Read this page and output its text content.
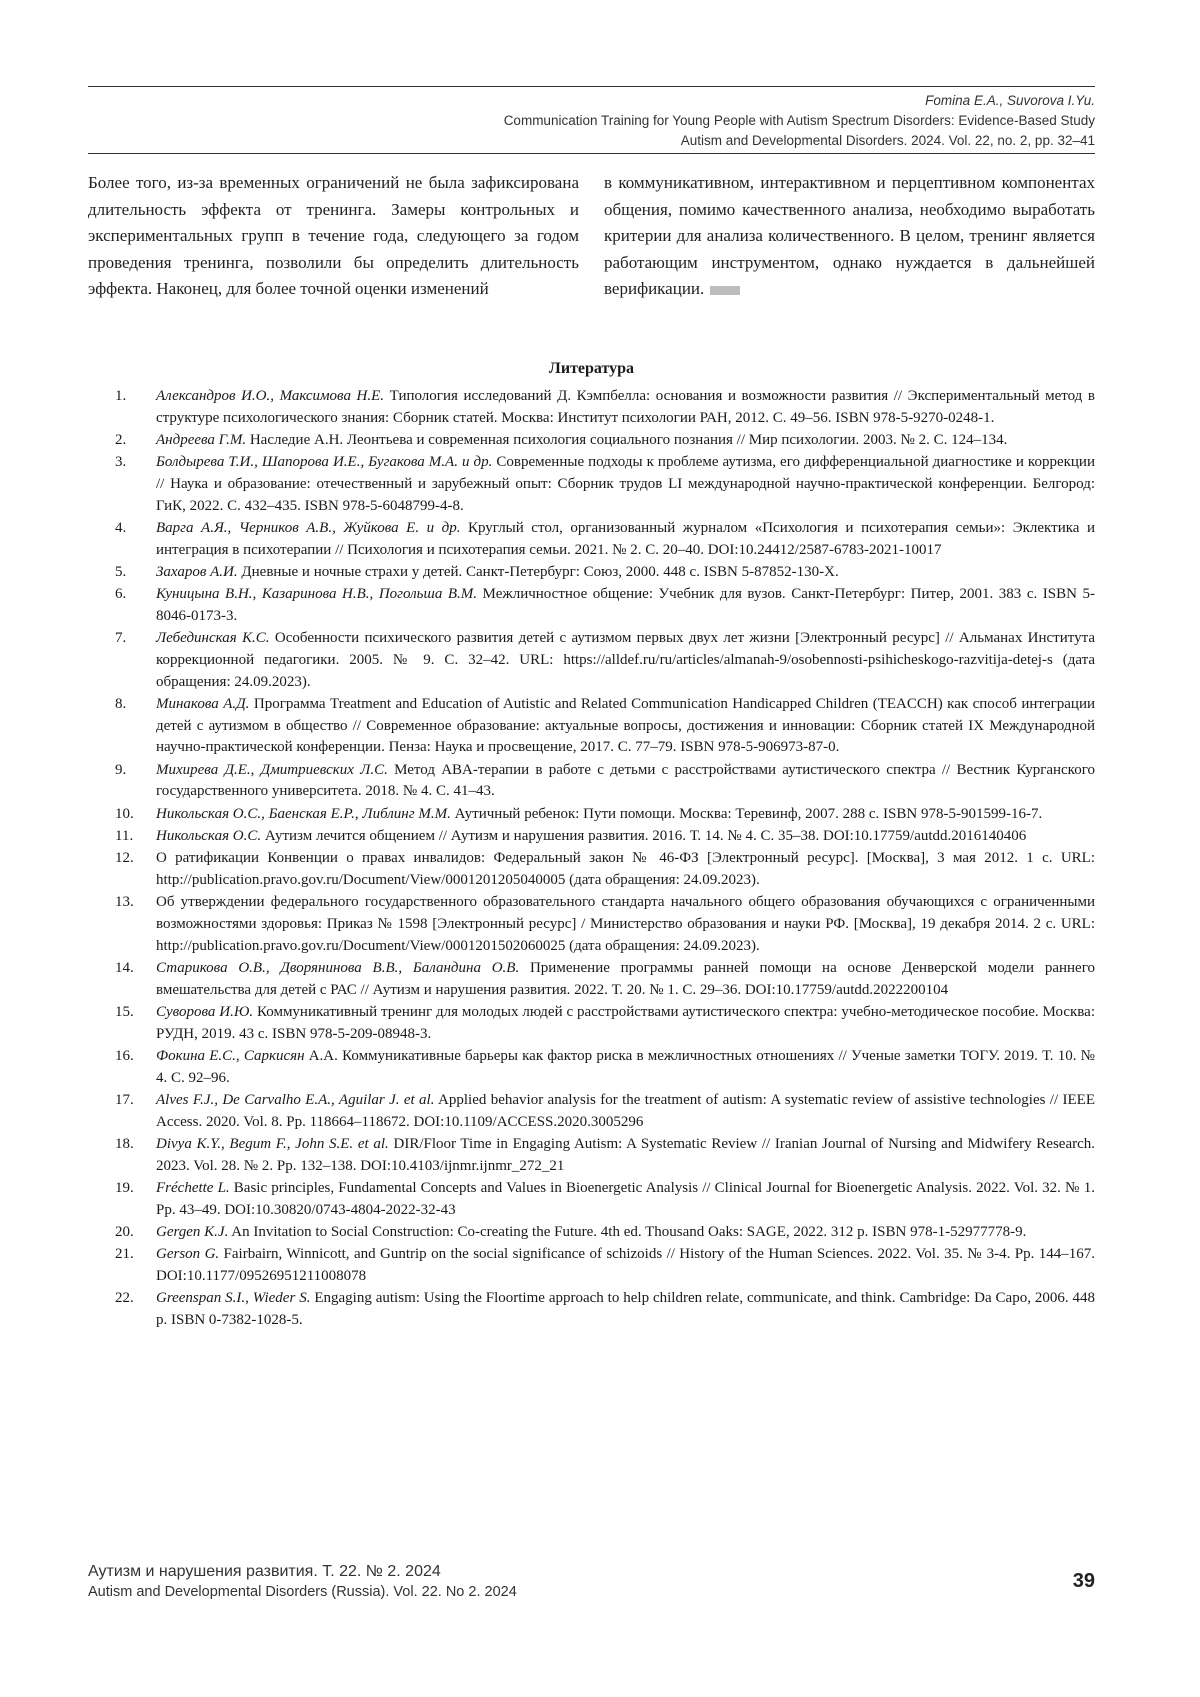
Fomina E.A., Suvorova I.Yu.
Communication Training for Young People with Autism Spectrum Disorders: Evidence-Based Study
Autism and Developmental Disorders. 2024. Vol. 22, no. 2, pp. 32–41

Более того, из-за временных ограничений не была зафиксирована длительность эффекта от тренинга. Замеры контрольных и экспериментальных групп в течение года, следующего за годом проведения тренинга, позволили бы определить длительность эффекта. Наконец, для более точной оценки изменений

в коммуникативном, интерактивном и перцептивном компонентах общения, помимо качественного анализа, необходимо выработать критерии для анализа количественного. В целом, тренинг является работающим инструментом, однако нуждается в дальнейшей верификации.

Литература
1.	Александров И.О., Максимова Н.Е. Типология исследований Д. Кэмпбелла: основания и возможности развития // Экспериментальный метод в структуре психологического знания: Сборник статей. Москва: Институт психологии РАН, 2012. С. 49–56. ISBN 978-5-9270-0248-1.
2.	Андреева Г.М. Наследие А.Н. Леонтьева и современная психология социального познания // Мир психологии. 2003. № 2. С. 124–134.
3.	Болдырева Т.И., Шапорова И.Е., Бугакова М.А. и др. Современные подходы к проблеме аутизма, его дифференциальной диагностике и коррекции // Наука и образование: отечественный и зарубежный опыт: Сборник трудов LI международной научно-практической конференции. Белгород: ГиК, 2022. С. 432–435. ISBN 978-5-6048799-4-8.
4.	Варга А.Я., Черников А.В., Жуйкова Е. и др. Круглый стол, организованный журналом «Психология и психотерапия семьи»: Эклектика и интеграция в психотерапии // Психология и психотерапия семьи. 2021. № 2. С. 20–40. DOI:10.24412/2587-6783-2021-10017
5.	Захаров А.И. Дневные и ночные страхи у детей. Санкт-Петербург: Союз, 2000. 448 с. ISBN 5-87852-130-Х.
6.	Куницына В.Н., Казаринова Н.В., Погольша В.М. Межличностное общение: Учебник для вузов. Санкт-Петербург: Питер, 2001. 383 с. ISBN 5-8046-0173-3.
7.	Лебединская К.С. Особенности психического развития детей с аутизмом первых двух лет жизни [Электронный ресурс] // Альманах Института коррекционной педагогики. 2005. № 9. С. 32–42. URL: https://alldef.ru/ru/articles/almanah-9/osobennosti-psihicheskogo-razvitija-detej-s (дата обращения: 24.09.2023).
8.	Минакова А.Д. Программа Treatment and Education of Autistic and Related Communication Handicapped Children (TEACCH) как способ интеграции детей с аутизмом в общество // Современное образование: актуальные вопросы, достижения и инновации: Сборник статей IX Международной научно-практической конференции. Пенза: Наука и просвещение, 2017. С. 77–79. ISBN 978-5-906973-87-0.
9.	Михирева Д.Е., Дмитриевских Л.С. Метод ABA-терапии в работе с детьми с расстройствами аутистического спектра // Вестник Курганского государственного университета. 2018. № 4. С. 41–43.
10.	Никольская О.С., Баенская Е.Р., Либлинг М.М. Аутичный ребенок: Пути помощи. Москва: Теревинф, 2007. 288 с. ISBN 978-5-901599-16-7.
11.	Никольская О.С. Аутизм лечится общением // Аутизм и нарушения развития. 2016. Т. 14. № 4. С. 35–38. DOI:10.17759/autdd.2016140406
12.	О ратификации Конвенции о правах инвалидов: Федеральный закон № 46-ФЗ [Электронный ресурс]. [Москва], 3 мая 2012. 1 с. URL: http://publication.pravo.gov.ru/Document/View/0001201205040005 (дата обращения: 24.09.2023).
13.	Об утверждении федерального государственного образовательного стандарта начального общего образования обучающихся с ограниченными возможностями здоровья: Приказ № 1598 [Электронный ресурс] / Министерство образования и науки РФ. [Москва], 19 декабря 2014. 2 с. URL: http://publication.pravo.gov.ru/Document/View/0001201502060025 (дата обращения: 24.09.2023).
14.	Старикова О.В., Дворянинова В.В., Баландина О.В. Применение программы ранней помощи на основе Денверской модели раннего вмешательства для детей с РАС // Аутизм и нарушения развития. 2022. Т. 20. № 1. С. 29–36. DOI:10.17759/autdd.2022200104
15.	Суворова И.Ю. Коммуникативный тренинг для молодых людей с расстройствами аутистического спектра: учебно-методическое пособие. Москва: РУДН, 2019. 43 с. ISBN 978-5-209-08948-3.
16.	Фокина Е.С., Саркисян А.А. Коммуникативные барьеры как фактор риска в межличностных отношениях // Ученые заметки ТОГУ. 2019. Т. 10. № 4. С. 92–96.
17.	Alves F.J., De Carvalho E.A., Aguilar J. et al. Applied behavior analysis for the treatment of autism: A systematic review of assistive technologies // IEEE Access. 2020. Vol. 8. Pp. 118664–118672. DOI:10.1109/ACCESS.2020.3005296
18.	Divya K.Y., Begum F., John S.E. et al. DIR/Floor Time in Engaging Autism: A Systematic Review // Iranian Journal of Nursing and Midwifery Research. 2023. Vol. 28. № 2. Pp. 132–138. DOI:10.4103/ijnmr.ijnmr_272_21
19.	Fréchette L. Basic principles, Fundamental Concepts and Values in Bioenergetic Analysis // Clinical Journal for Bioenergetic Analysis. 2022. Vol. 32. № 1. Pp. 43–49. DOI:10.30820/0743-4804-2022-32-43
20.	Gergen K.J. An Invitation to Social Construction: Co-creating the Future. 4th ed. Thousand Oaks: SAGE, 2022. 312 p. ISBN 978-1-52977778-9.
21.	Gerson G. Fairbairn, Winnicott, and Guntrip on the social significance of schizoids // History of the Human Sciences. 2022. Vol. 35. № 3-4. Pp. 144–167. DOI:10.1177/09526951211008078
22.	Greenspan S.I., Wieder S. Engaging autism: Using the Floortime approach to help children relate, communicate, and think. Cambridge: Da Capo, 2006. 448 p. ISBN 0-7382-1028-5.
Аутизм и нарушения развития. Т. 22. № 2. 2024
Autism and Developmental Disorders (Russia). Vol. 22. No 2. 2024	39
